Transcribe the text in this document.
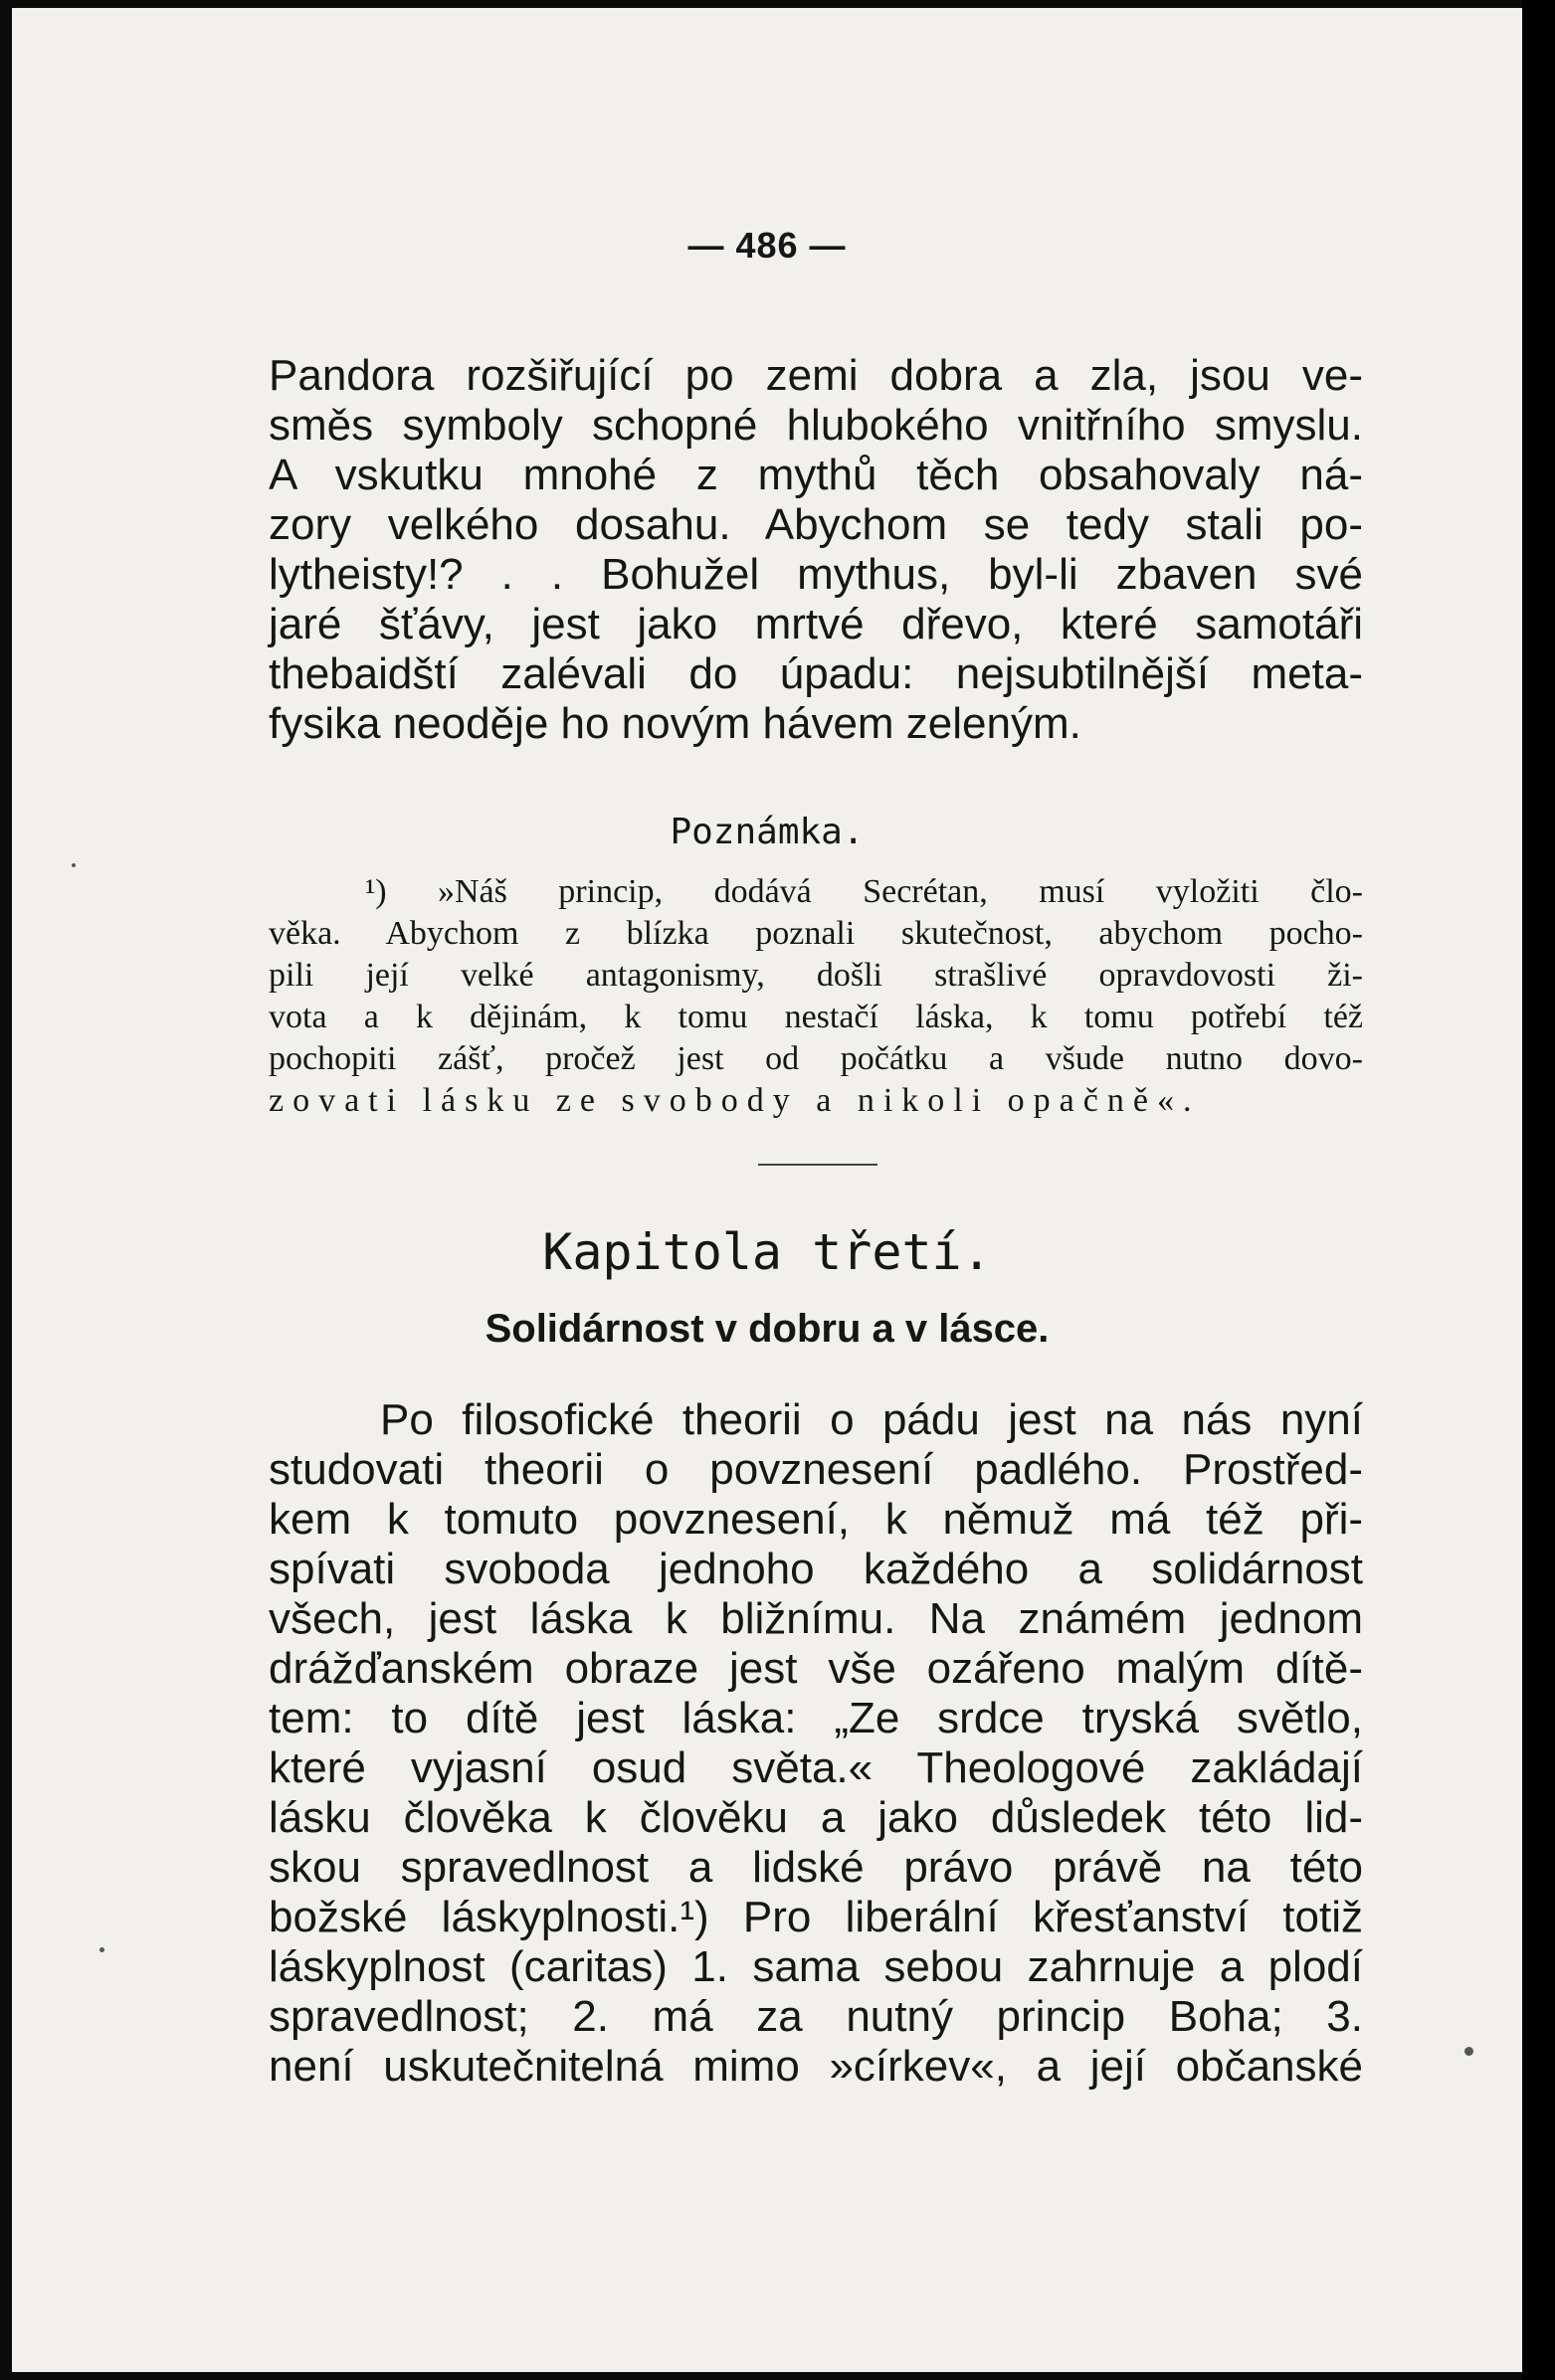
— 486 —
Pandora rozšiřující po zemi dobra a zla, jsou ve-
směs symboly schopné hlubokého vnitřního smyslu.
A vskutku mnohé z mythů těch obsahovaly ná-
zory velkého dosahu. Abychom se tedy stali po-
lytheisty!? . . Bohužel mythus, byl-li zbaven své
jaré šťávy, jest jako mrtvé dřevo, které samotáři
thebaidští zalévali do úpadu: nejsubtilnější meta-
fysika neoděje ho novým hávem zeleným.
Poznámka.
¹) »Náš princip, dodává Secrétan, musí vyložiti člo-
věka. Abychom z blízka poznali skutečnost, abychom pocho-
pili její velké antagonismy, došli strašlivé opravdovosti ži-
vota a k dějinám, k tomu nestačí láska, k tomu potřebí též
pochopiti zášť, pročež jest od počátku a všude nutno dovo-
zovati lásku ze svobody a nikoli opačně«.
Kapitola třetí.
Solidárnost v dobru a v lásce.
Po filosofické theorii o pádu jest na nás nyní
studovati theorii o povznesení padlého. Prostřed-
kem k tomuto povznesení, k němuž má též při-
spívati svoboda jednoho každého a solidárnost
všech, jest láska k bližnímu. Na známém jednom
drážďanském obraze jest vše ozářeno malým dítě-
tem: to dítě jest láska: „Ze srdce tryská světlo,
které vyjasní osud světa.« Theologové zakládají
lásku člověka k člověku a jako důsledek této lid-
skou spravedlnost a lidské právo právě na této
božské láskyplnosti.¹) Pro liberální křesťanství totiž
láskyplnost (caritas) 1. sama sebou zahrnuje a plodí
spravedlnost; 2. má za nutný princip Boha; 3.
není uskutečnitelná mimo »církev«, a její občanské
